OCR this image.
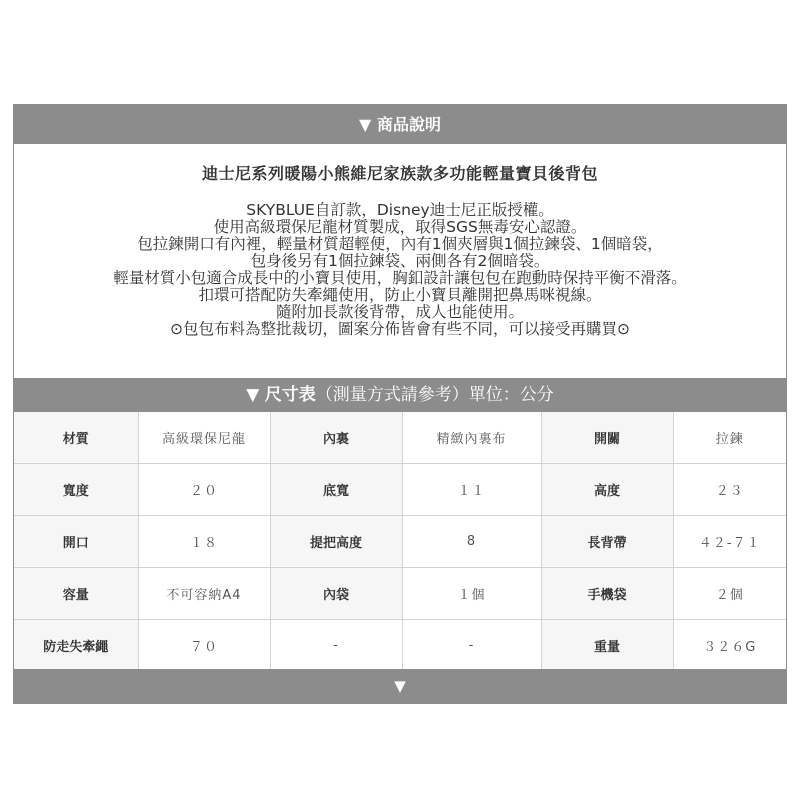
▼ 商品說明
迪士尼系列暖陽小熊維尼家族款多功能輕量寶貝後背包
SKYBLUE自訂款，Disney迪士尼正版授權。
使用高級環保尼龍材質製成，取得SGS無毒安心認證。
包拉鍊開口有內裡，輕量材質超輕便，內有1個夾層與1個拉鍊袋、1個暗袋，
包身後另有1個拉鍊袋、兩側各有2個暗袋。
輕量材質小包適合成長中的小寶貝使用，胸釦設計讓包包在跑動時保持平衡不滑落。
扣環可搭配防失牽繩使用，防止小寶貝離開把鼻馬咪視線。
隨附加長款後背帶，成人也能使用。
⊙包包布料為整批裁切，圖案分佈皆會有些不同，可以接受再購買⊙
▼ 尺寸表（測量方式請參考）單位：公分
材質	高級環保尼龍	內裏	精緻內裏布	開關	拉鍊
寬度	２０	底寬	１１	高度	２３
開口	１８	提把高度	8	長背帶	４２-７１
容量	不可容納A4	內袋	１個	手機袋	２個
防走失牽繩	７０	-	-	重量	３２６G
▼
